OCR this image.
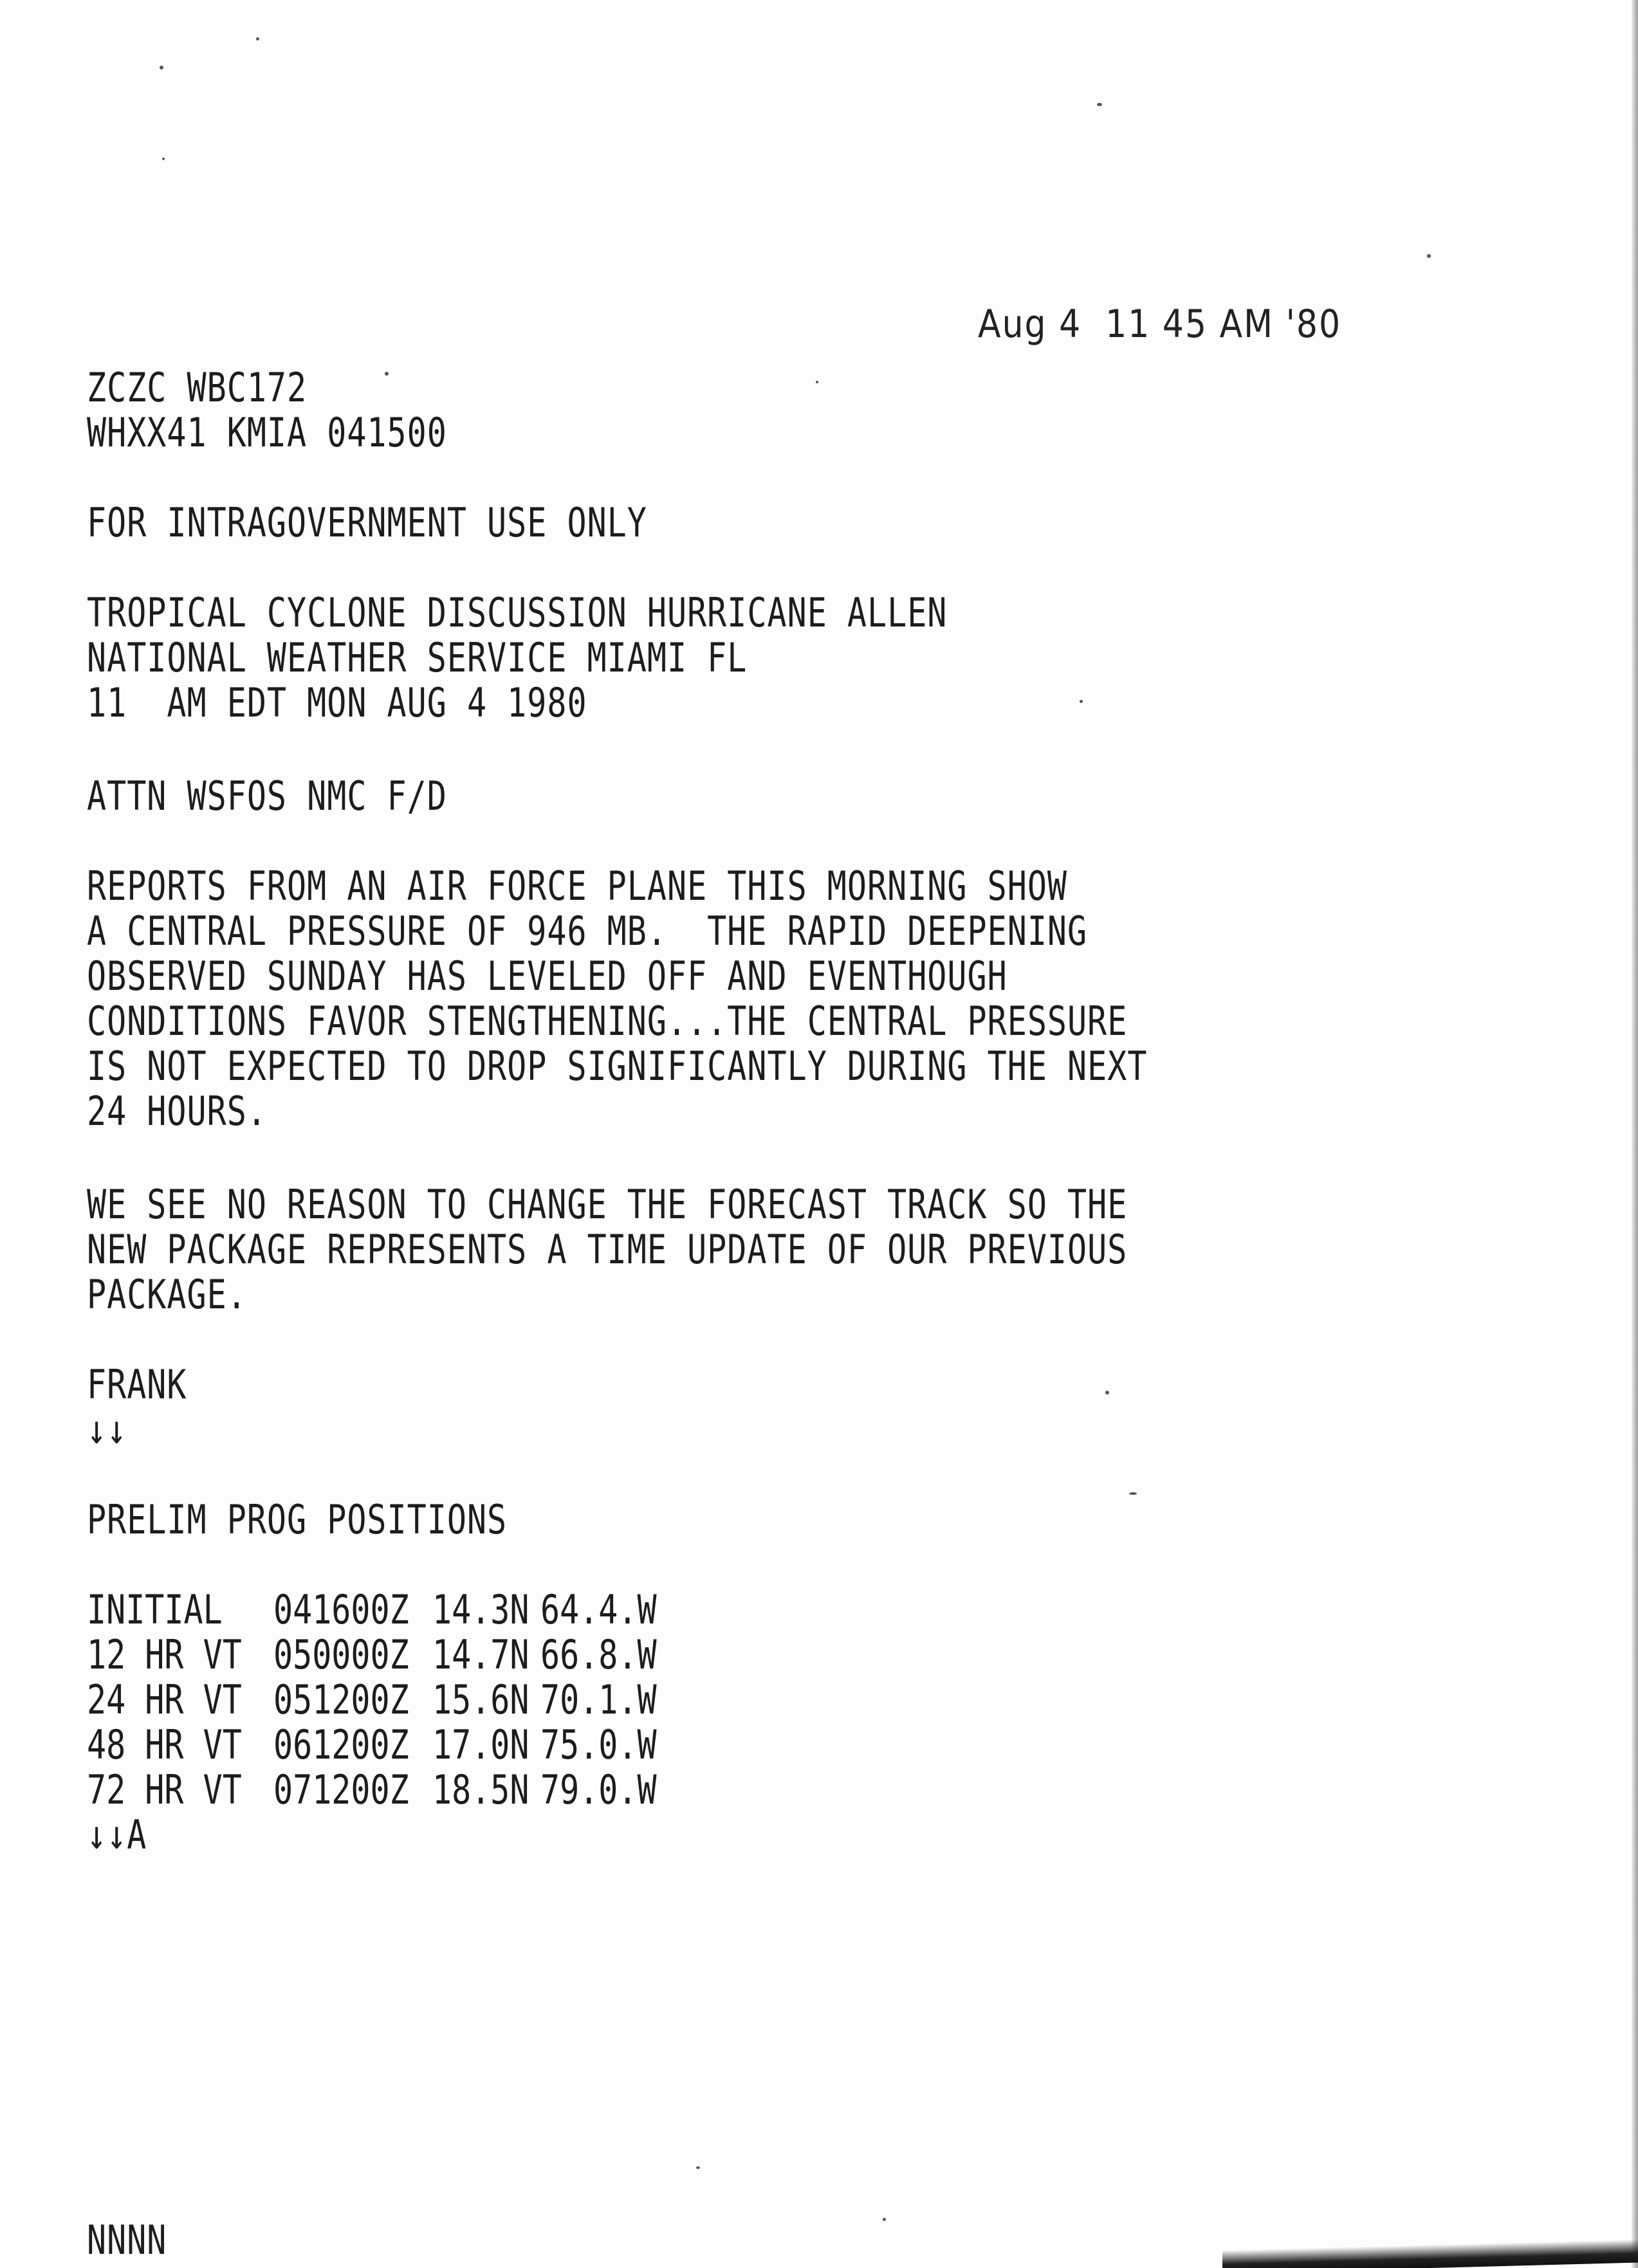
Aug 4  11 45 AM '80
ZCZC WBC172
WHXX41 KMIA 041500
FOR INTRAGOVERNMENT USE ONLY
TROPICAL CYCLONE DISCUSSION HURRICANE ALLEN
NATIONAL WEATHER SERVICE MIAMI FL
11  AM EDT MON AUG 4 1980
ATTN WSFOS NMC F/D
REPORTS FROM AN AIR FORCE PLANE THIS MORNING SHOW
A CENTRAL PRESSURE OF 946 MB.  THE RAPID DEEPENING
OBSERVED SUNDAY HAS LEVELED OFF AND EVENTHOUGH
CONDITIONS FAVOR STENGTHENING...THE CENTRAL PRESSURE
IS NOT EXPECTED TO DROP SIGNIFICANTLY DURING THE NEXT
24 HOURS.
WE SEE NO REASON TO CHANGE THE FORECAST TRACK SO THE
NEW PACKAGE REPRESENTS A TIME UPDATE OF OUR PREVIOUS
PACKAGE.
FRANK
↓↓
PRELIM PROG POSITIONS

INITIAL

041600Z

14.3N

64.4.W

12 HR VT

050000Z

14.7N

66.8.W

24 HR VT

051200Z

15.6N

70.1.W

48 HR VT

061200Z

17.0N

75.0.W

72 HR VT

071200Z

18.5N

79.0.W

↓↓A
NNNN
